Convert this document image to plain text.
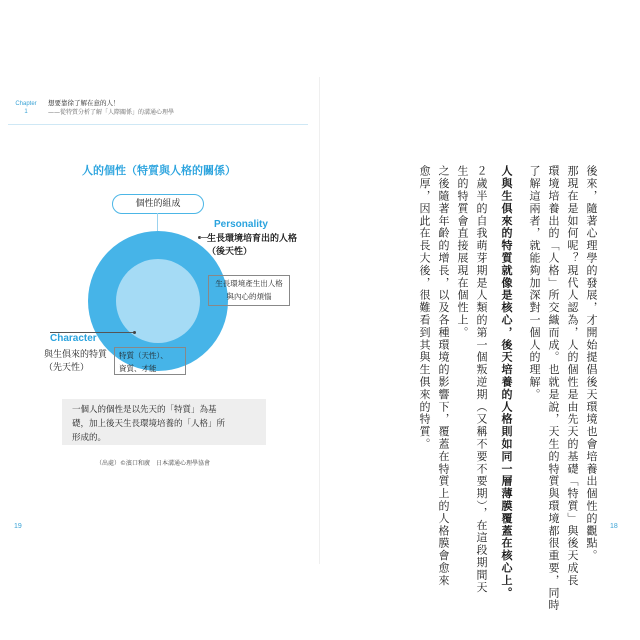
Chapter
1
想要靠徐了解在意的人！
——從特質分析了解「人際關係」的溝通心理學
人的個性（特質與人格的關係）
個性的組成
Personality
生長環境培育出的人格（後天性）
生長環境產生出人格
與內心的煩惱
Character
與生俱來的特質
（先天性）
特質（天性）、
資質、才能
一個人的個性是以先天的「特質」為基
礎，加上後天生長環境培養的「人格」所
形成的。
（出處）©濱口和廣　日本溝通心理學協會
19	18
後來，隨著心理學的發展，才開始提倡後天環境也會培養出個性的觀點。
那現在是如何呢？現代人認為，人的個性是由先天的基礎「特質」與後天成長
環境培養出的「人格」所交織而成。也就是說，天生的特質與環境都很重要，同時
了解這兩者，就能夠加深對一個人的理解。
人與生俱來的特質就像是核心，後天培養的人格則如同一層薄膜覆蓋在核心上。
２歲半的自我萌芽期是人類的第一個叛逆期（又稱不要不要期），在這段期間天
生的特質會直接展現在個性上。
之後隨著年齡的增長，以及各種環境的影響下，覆蓋在特質上的人格膜會愈來
愈厚，因此在長大後，很難看到其與生俱來的特質。
